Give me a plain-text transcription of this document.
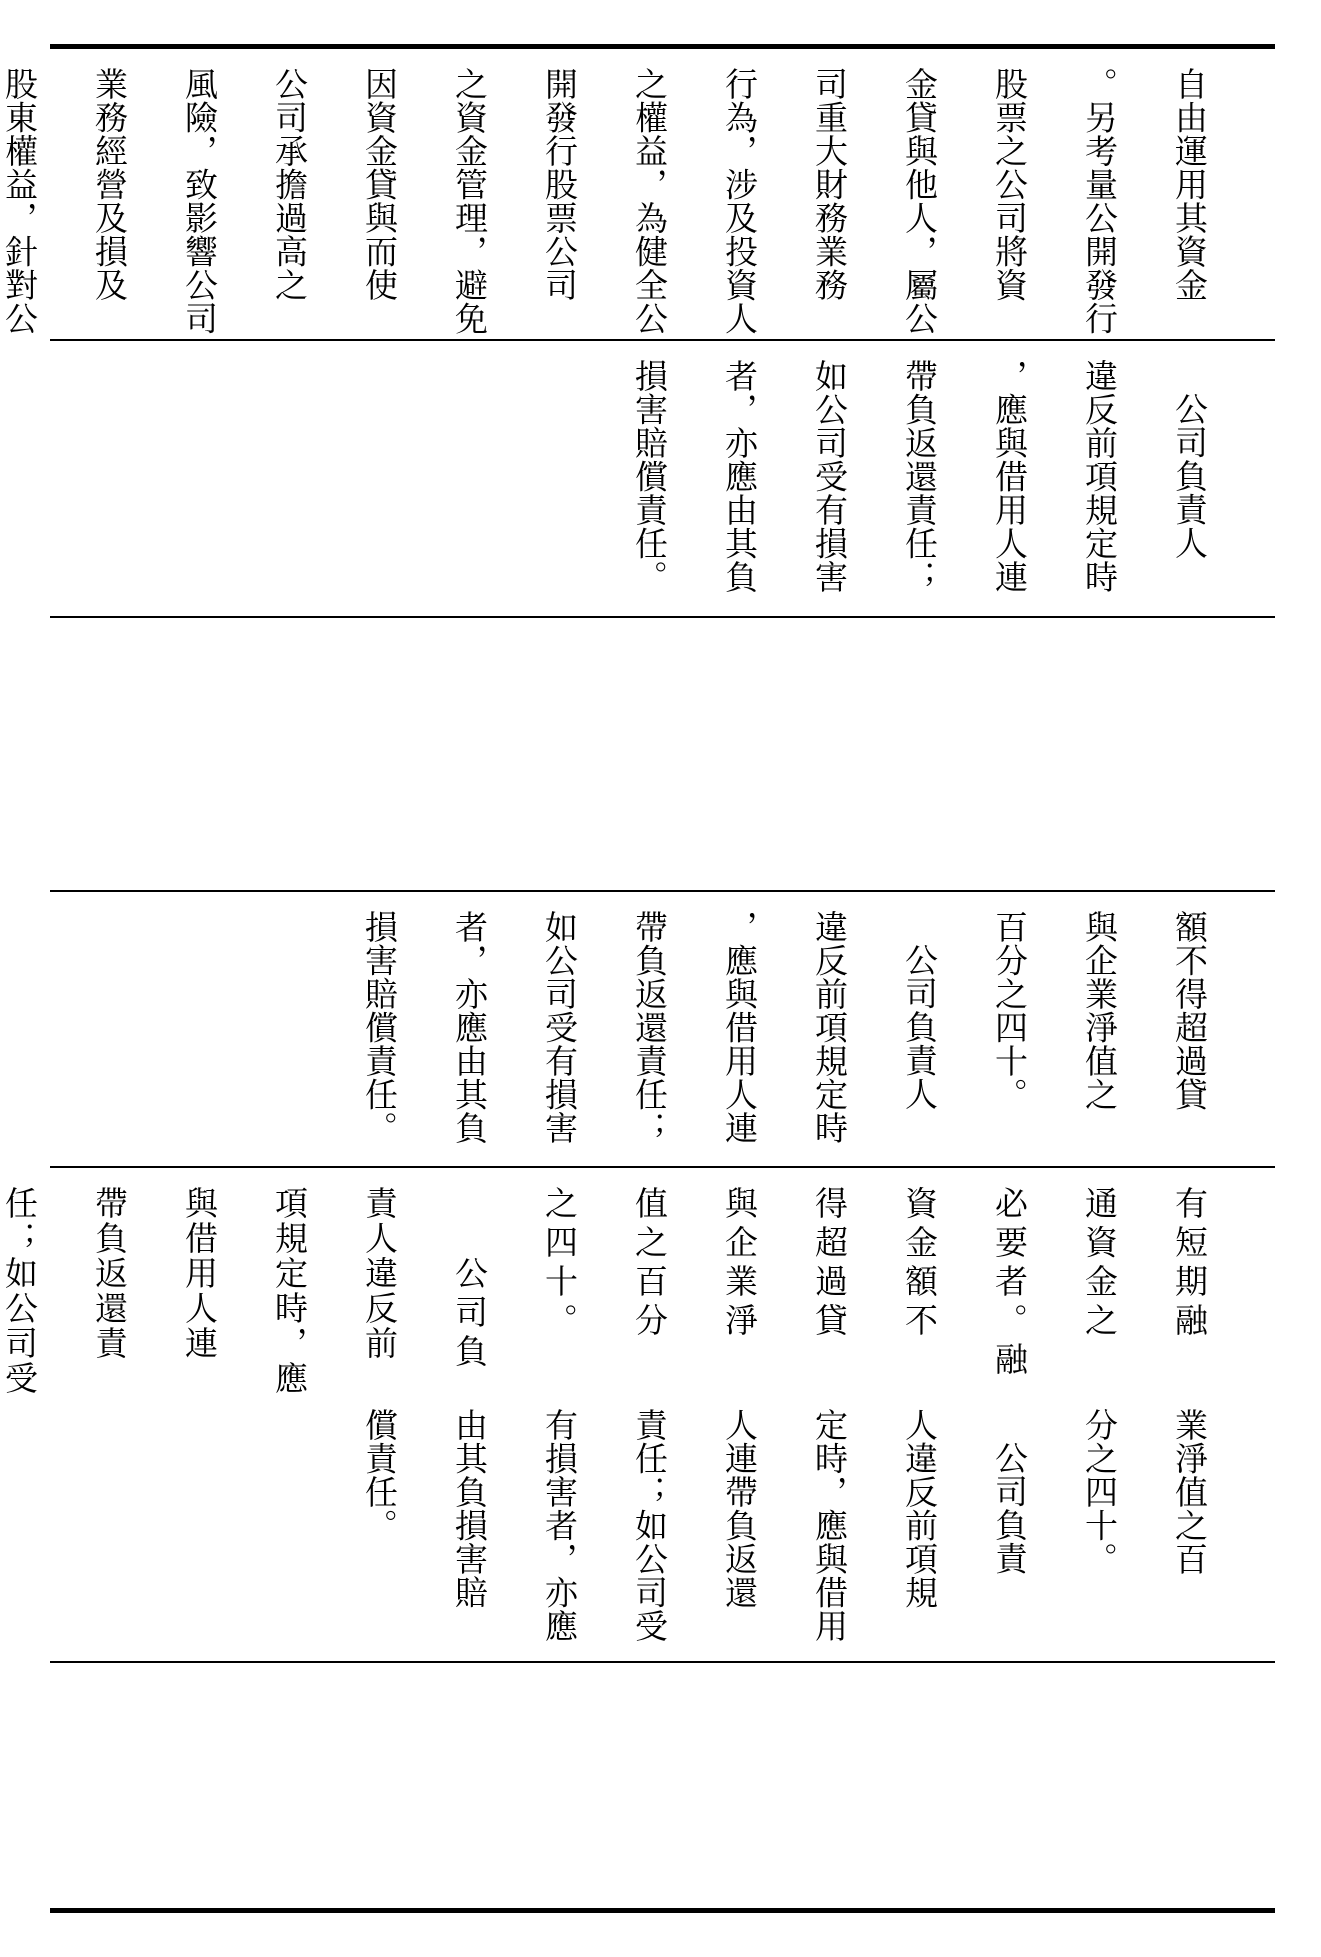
自由運用其資金

。另考量公開發行

股票之公司將資

金貸與他人，屬公

司重大財務業務

行為，涉及投資人

之權益，為健全公

開發行股票公司

之資金管理，避免

因資金貸與而使

公司承擔過高之

風險，致影響公司

業務經營及損及

股東權益，針對公

公司負責人

違反前項規定時

，應與借用人連

帶負返還責任；

如公司受有損害

者，亦應由其負

損害賠償責任。

額不得超過貸

與企業淨值之

百分之四十。

公司負責人

違反前項規定時

，應與借用人連

帶負返還責任；

如公司受有損害

者，亦應由其負

損害賠償責任。

有短期融

通資金之

必要者。融

資金額不

得超過貸

與企業淨

值之百分

之四十。

公司負

責人違反前

項規定時，應

與借用人連

帶負返還責

任；如公司受

業淨值之百

分之四十。

公司負責

人違反前項規

定時，應與借用

人連帶負返還

責任；如公司受

有損害者，亦應

由其負損害賠

償責任。
